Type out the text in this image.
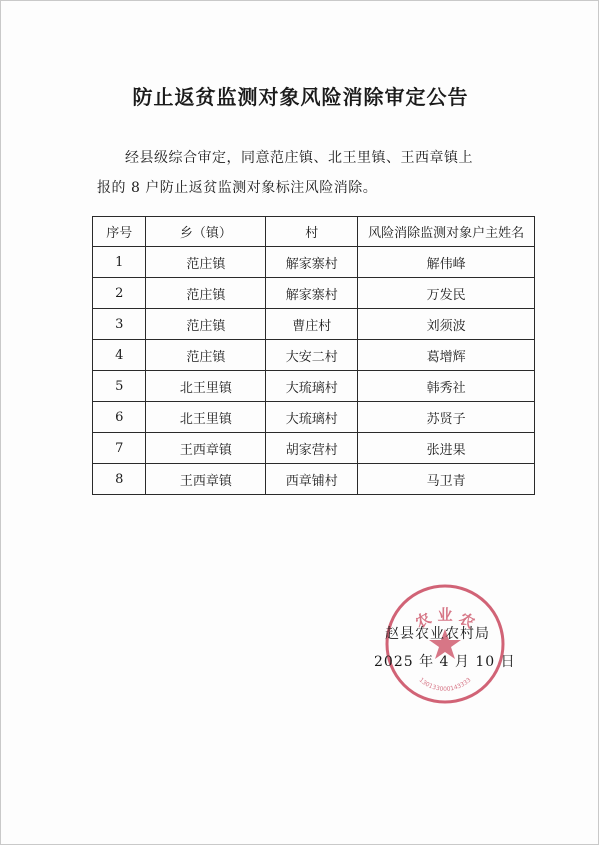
防止返贫监测对象风险消除审定公告
经县级综合审定，同意范庄镇、北王里镇、王西章镇上
报的 8 户防止返贫监测对象标注风险消除。
序号	乡（镇）	村	风险消除监测对象户主姓名
1	范庄镇	解家寨村	解伟峰
2	范庄镇	解家寨村	万发民
3	范庄镇	曹庄村	刘须波
4	范庄镇	大安二村	葛增辉
5	北王里镇	大琉璃村	韩秀社
6	北王里镇	大琉璃村	苏贤子
7	王西章镇	胡家营村	张进果
8	王西章镇	西章铺村	马卫青
农 业 农
130133000143333
赵县农业农村局
2025 年 4 月 10 日
